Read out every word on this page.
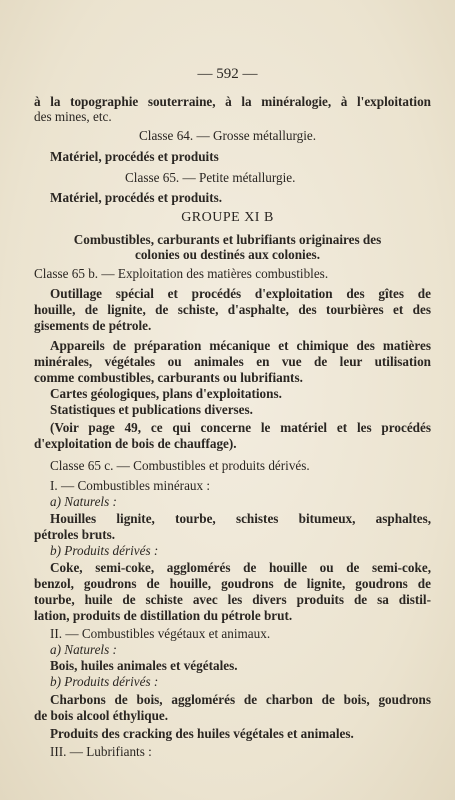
— 592 —
à la topographie souterraine, à la minéralogie, à l'exploitation
des mines, etc.
Classe 64. — Grosse métallurgie.
Matériel, procédés et produits
Classe 65. — Petite métallurgie.
Matériel, procédés et produits.
GROUPE XI B
Combustibles, carburants et lubrifiants originaires des
colonies ou destinés aux colonies.
Classe 65 b. — Exploitation des matières combustibles.
Outillage spécial et procédés d'exploitation des gîtes de
houille, de lignite, de schiste, d'asphalte, des tourbières et des
gisements de pétrole.
Appareils de préparation mécanique et chimique des matières
minérales, végétales ou animales en vue de leur utilisation
comme combustibles, carburants ou lubrifiants.
Cartes géologiques, plans d'exploitations.
Statistiques et publications diverses.
(Voir page 49, ce qui concerne le matériel et les procédés
d'exploitation de bois de chauffage).
Classe 65 c. — Combustibles et produits dérivés.
I. — Combustibles minéraux :
a) Naturels :
Houilles lignite, tourbe, schistes bitumeux, asphaltes,
pétroles bruts.
b) Produits dérivés :
Coke, semi-coke, agglomérés de houille ou de semi-coke,
benzol, goudrons de houille, goudrons de lignite, goudrons de
tourbe, huile de schiste avec les divers produits de sa distil-
lation, produits de distillation du pétrole brut.
II. — Combustibles végétaux et animaux.
a) Naturels :
Bois, huiles animales et végétales.
b) Produits dérivés :
Charbons de bois, agglomérés de charbon de bois, goudrons
de bois alcool éthylique.
Produits des cracking des huiles végétales et animales.
III. — Lubrifiants :
